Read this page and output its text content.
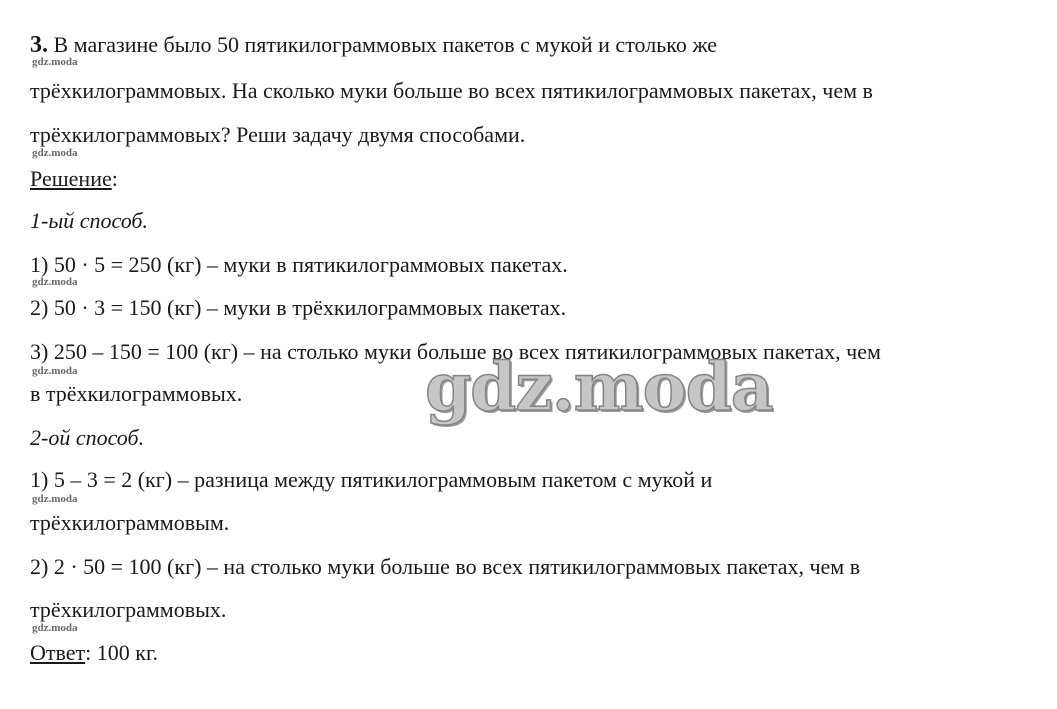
3. В магазине было 50 пятикилограммовых пакетов с мукой и столько же
gdz.moda
трёхкилограммовых. На сколько муки больше во всех пятикилограммовых пакетах, чем в
трёхкилограммовых? Реши задачу двумя способами.
gdz.moda
Решение:
1-ый способ.
1) 50 · 5 = 250 (кг) – муки в пятикилограммовых пакетах.
gdz.moda
2) 50 · 3 = 150 (кг) – муки в трёхкилограммовых пакетах.
3) 250 – 150 = 100 (кг) – на столько муки больше во всех пятикилограммовых пакетах, чем
gdz.moda
в трёхкилограммовых.
2-ой способ.
1) 5 – 3 = 2 (кг) – разница между пятикилограммовым пакетом с мукой и
gdz.moda
трёхкилограммовым.
2) 2 · 50 = 100 (кг) – на столько муки больше во всех пятикилограммовых пакетах, чем в
трёхкилограммовых.
gdz.moda
Ответ: 100 кг.
gdz.moda
